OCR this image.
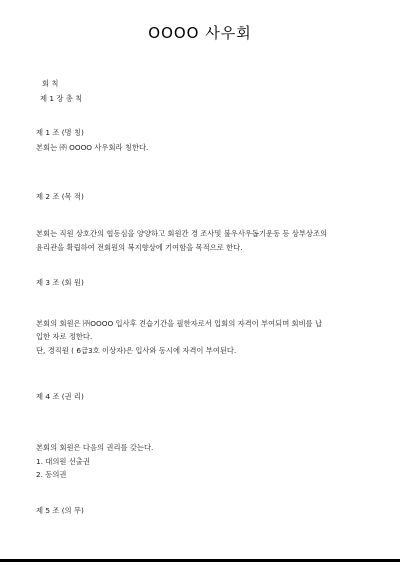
OOOO 사우회
회 칙
제 1 장 총 칙
제 1 조 (명 칭)
본회는 ㈜ OOOO 사우회라 칭한다.
제 2 조 (목 적)
본회는 직원 상호간의 협동심을 양양하고 회원간 경 조사및 불우사우돕기운동 등 상부상조의
윤리관을 확립하여 전회원의 복지향상에 기여함을 목적으로 한다.
제 3 조 (회 원)
본회의 회원은 ㈜OOOO 입사후 견습기간을 필한자로서 입회의 자격이 부여되며 회비를 납
입한 자로 정한다.
단, 경직원 ( 6급3호 이상자)은 입사와 동시에 자격이 부여된다.
제 4 조 (권 리)
본회의 회원은 다음의 권리를 갖는다.
1. 대의원 선출권
2. 동의권
제 5 조 (의 무)
